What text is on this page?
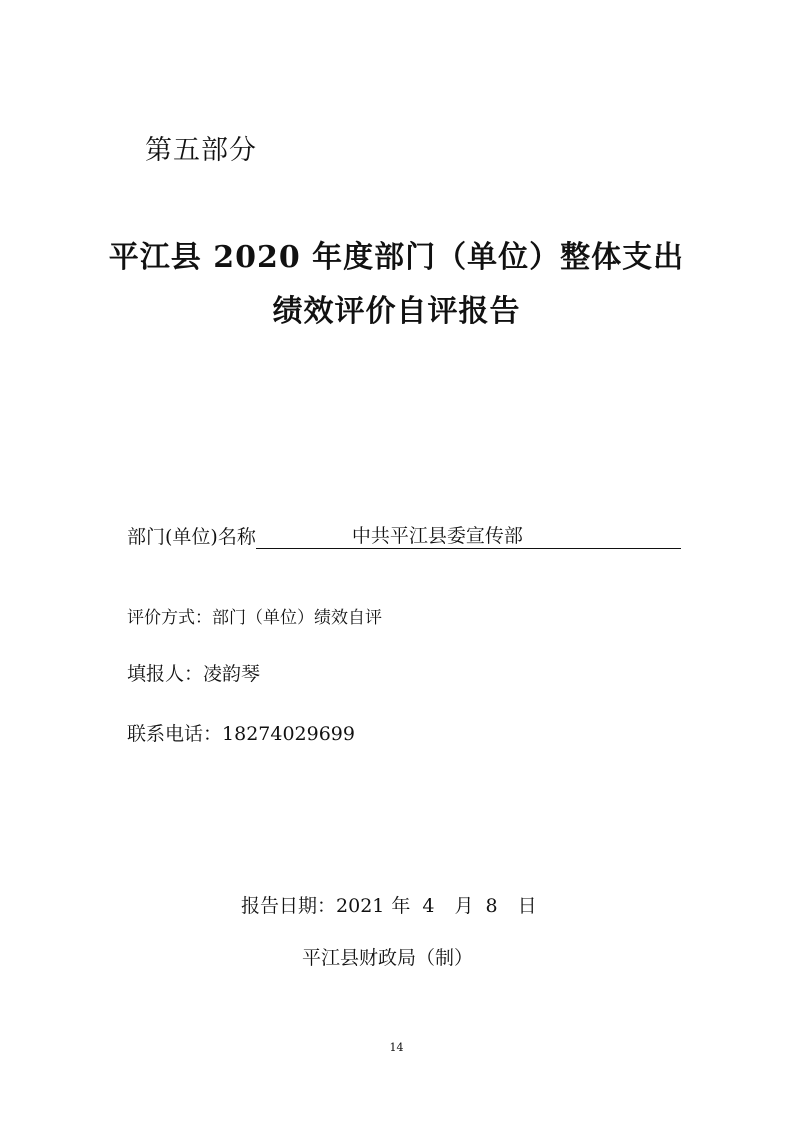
第五部分
平江县 2020 年度部门（单位）整体支出
绩效评价自评报告
部门(单位)名称	中共平江县委宣传部
评价方式：部门（单位）绩效自评
填报人：凌韵琴
联系电话：18274029699
报告日期：2021 年 4 月 8 日
平江县财政局（制）
14
